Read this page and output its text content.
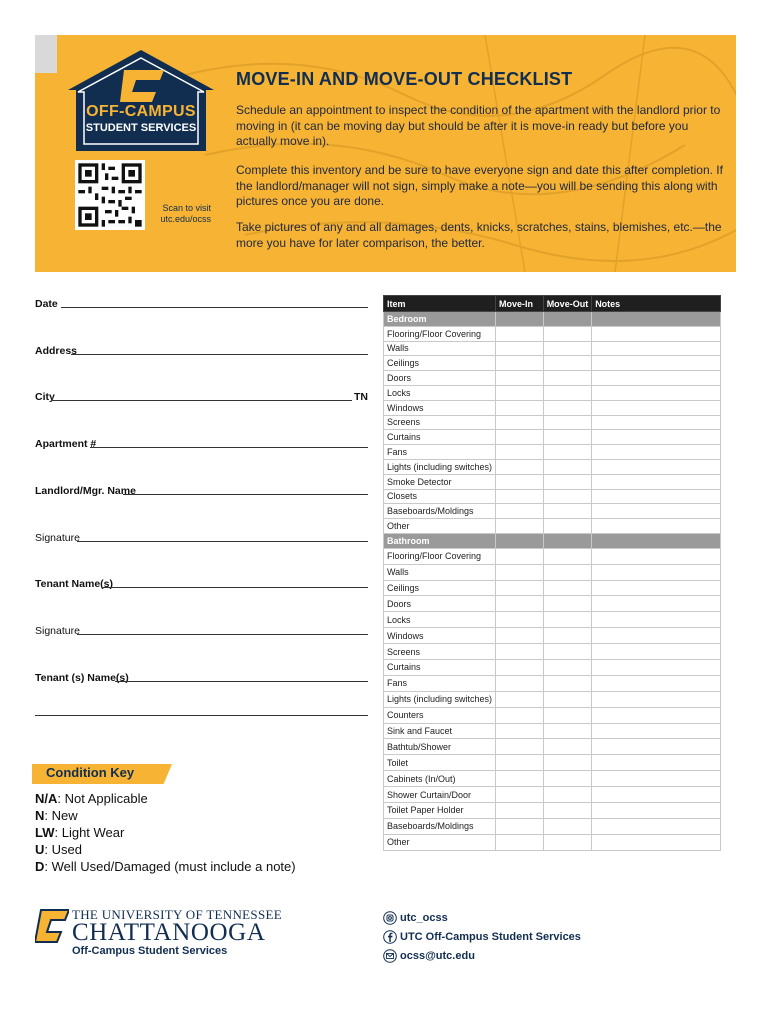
OFF-CAMPUS
STUDENT SERVICES
Scan to visit
utc.edu/ocss
MOVE-IN AND MOVE-OUT CHECKLIST
Schedule an appointment to inspect the condition of the apartment with the landlord prior to moving in (it can be moving day but should be after it is move-in ready but before you actually move in).
Complete this inventory and be sure to have everyone sign and date this after completion. If the landlord/manager will not sign, simply make a note—you will be sending this along with pictures once you are done.
Take pictures of any and all damages, dents, knicks, scratches, stains, blemishes, etc.—the more you have for later comparison, the better.
Date
Address
City	TN
Apartment #
Landlord/Mgr. Name
Signature
Tenant Name(s)
Signature
Tenant (s) Name(s)
Condition Key
N/A: Not Applicable
N: New
LW: Light Wear
U: Used
D: Well Used/Damaged (must include a note)
Item	Move-In	Move-Out	Notes
Bedroom			
Flooring/Floor Covering			
Walls			
Ceilings			
Doors			
Locks			
Windows			
Screens			
Curtains			
Fans			
Lights (including switches)			
Smoke Detector			
Closets			
Baseboards/Moldings			
Other			
Bathroom			
Flooring/Floor Covering			
Walls			
Ceilings			
Doors			
Locks			
Windows			
Screens			
Curtains			
Fans			
Lights (including switches)			
Counters			
Sink and Faucet			
Bathtub/Shower			
Toilet			
Cabinets (In/Out)			
Shower Curtain/Door			
Toilet Paper Holder			
Baseboards/Moldings			
Other			
THE UNIVERSITY OF TENNESSEE
CHATTANOOGA
Off-Campus Student Services
utc_ocss
UTC Off-Campus Student Services
ocss@utc.edu
